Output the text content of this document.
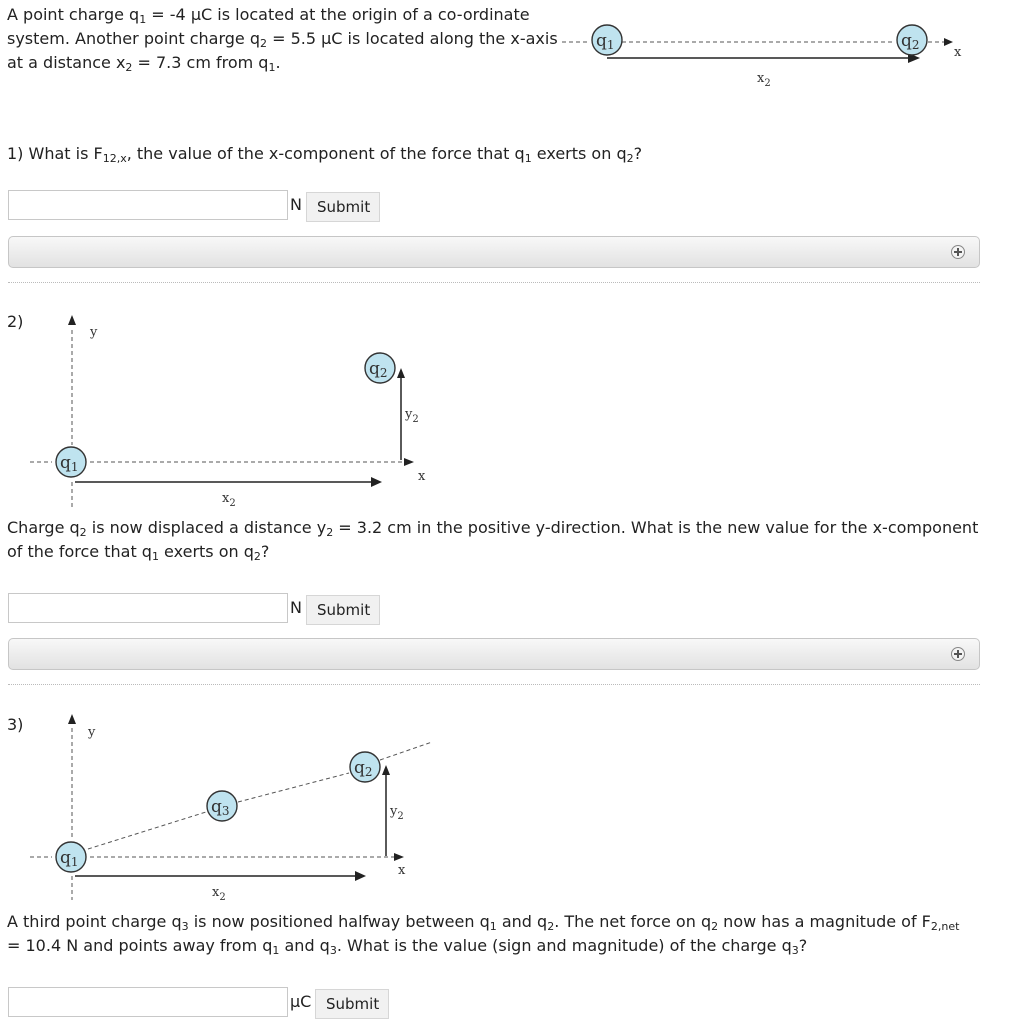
A point charge $q_1 = -4$ µC is located at the origin of a co-ordinate
system. Another point charge $q_2 = 5.5$ µC is located along the x-axis
at a distance $x_2 = 7.3$ cm from $q_1$.
x
$x_2$
q1	q2
1) What is $F_{12,x}$, the value of the x-component of the force that $q_1$ exerts on $q_2$?
N	Submit
2)
y
x
$x_2$
$y_2$
q1
q2
Charge $q_2$ is now displaced a distance $y_2 = 3.2$ cm in the positive y-direction. What is the new value for the x-component
of the force that $q_1$ exerts on $q_2$?
N	Submit
3)	y
x
$x_2$
$y_2$
q1
q3
q2
A third point charge $q_3$ is now positioned halfway between $q_1$ and $q_2$. The net force on $q_2$ now has a magnitude of $F_{2,net}$
= 10.4 N and points away from $q_1$ and $q_3$. What is the value (sign and magnitude) of the charge $q_3$?
µC Submit
